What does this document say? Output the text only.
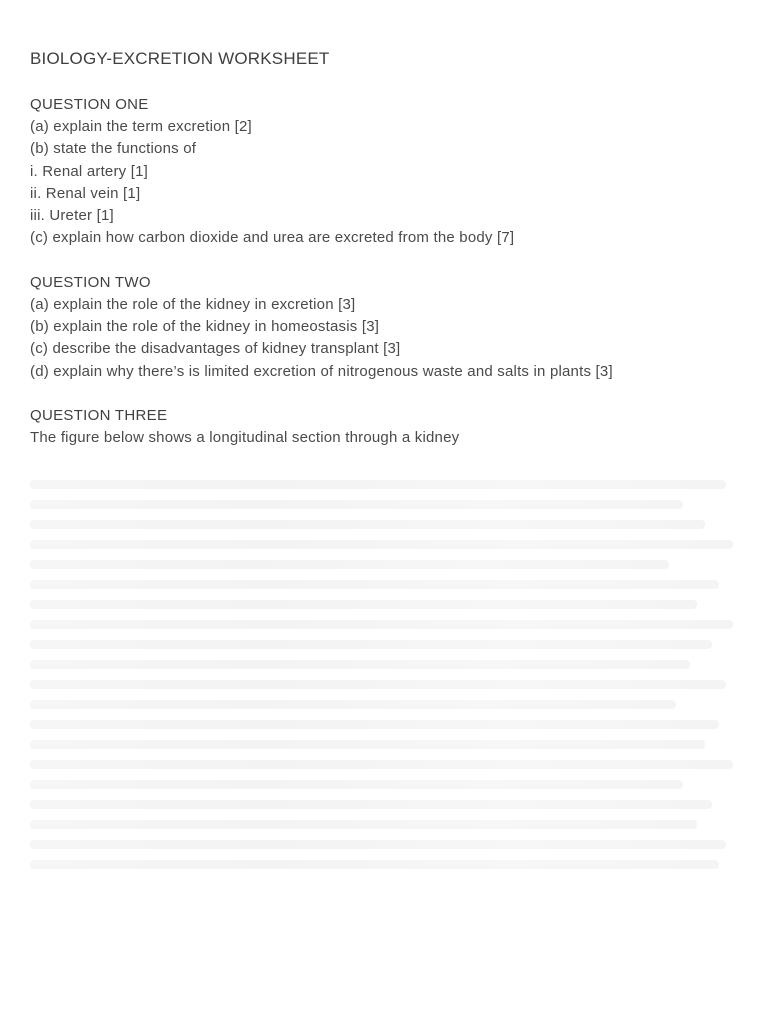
BIOLOGY-EXCRETION WORKSHEET
QUESTION ONE
(a) explain the term excretion [2]
(b) state the functions of
i. Renal artery [1]
ii. Renal vein [1]
iii. Ureter [1]
(c) explain how carbon dioxide and urea are excreted from the body [7]
QUESTION TWO
(a) explain the role of the kidney in excretion [3]
(b) explain the role of the kidney in homeostasis [3]
(c) describe the disadvantages of kidney transplant [3]
(d) explain why there’s is limited excretion of nitrogenous waste and salts in plants [3]
QUESTION THREE
The figure below shows a longitudinal section through a kidney
